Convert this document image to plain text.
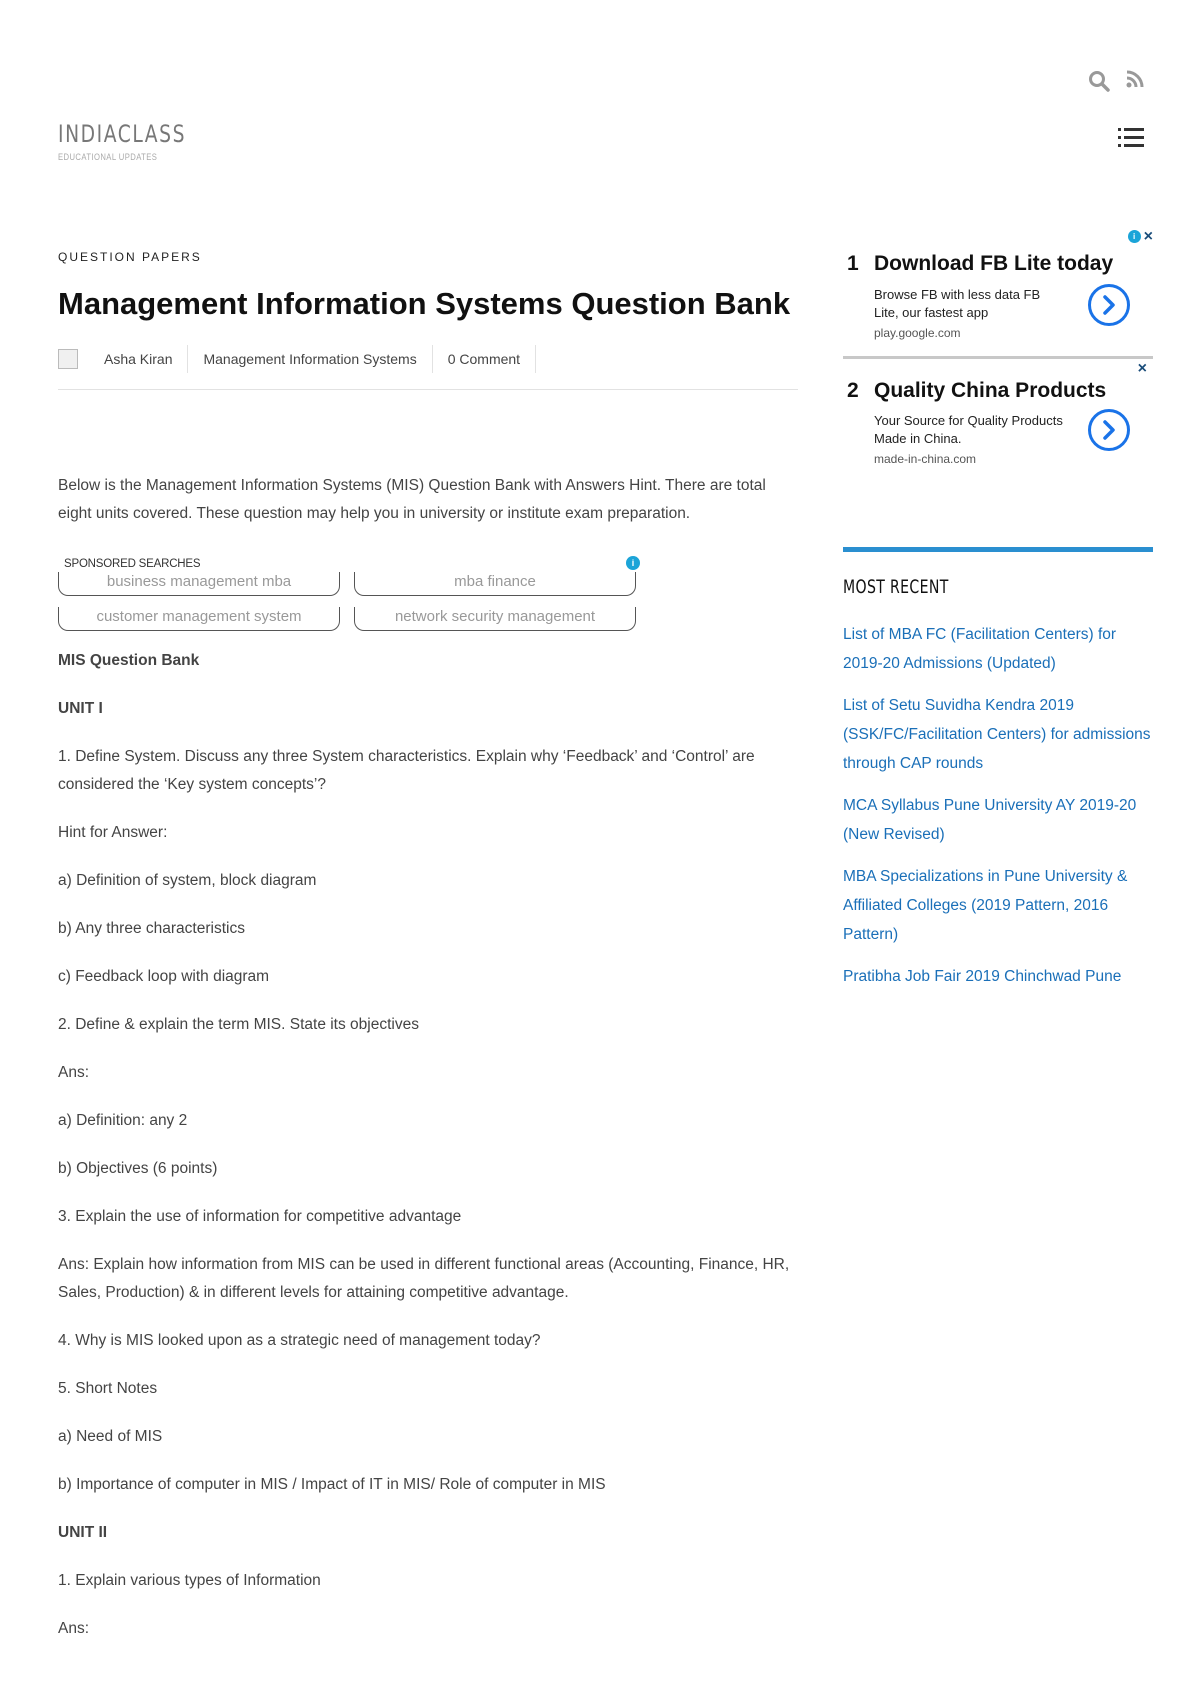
INDIACLASS
EDUCATIONAL UPDATES
QUESTION PAPERS
Management Information Systems Question Bank
Asha Kiran	Management Information Systems	0 Comment

Below is the Management Information Systems (MIS) Question Bank with Answers Hint. There are total eight units covered. These question may help you in university or institute exam preparation.

SPONSORED SEARCHES	i
business management mba	mba finance
customer management system	network security management

MIS Question Bank

UNIT I

1. Define System. Discuss any three System characteristics. Explain why ‘Feedback’ and ‘Control’ are considered the ‘Key system concepts’?

Hint for Answer:

a) Definition of system, block diagram

b) Any three characteristics

c) Feedback loop with diagram

2. Define & explain the term MIS. State its objectives

Ans:

a) Definition: any 2

b) Objectives (6 points)

3. Explain the use of information for competitive advantage

Ans: Explain how information from MIS can be used in different functional areas (Accounting, Finance, HR, Sales, Production) & in different levels for attaining competitive advantage.

4. Why is MIS looked upon as a strategic need of management today?

5. Short Notes

a) Need of MIS

b) Importance of computer in MIS / Impact of IT in MIS/ Role of computer in MIS

UNIT II

1. Explain various types of Information

Ans:

i ×
1 Download FB Lite today
Browse FB with less data FB Lite, our fastest app
play.google.com
×
2 Quality China Products
Your Source for Quality Products Made in China.
made-in-china.com
MOST RECENT
List of MBA FC (Facilitation Centers) for 2019-20 Admissions (Updated)
List of Setu Suvidha Kendra 2019 (SSK/FC/Facilitation Centers) for admissions through CAP rounds
MCA Syllabus Pune University AY 2019-20 (New Revised)
MBA Specializations in Pune University & Affiliated Colleges (2019 Pattern, 2016 Pattern)
Pratibha Job Fair 2019 Chinchwad Pune
